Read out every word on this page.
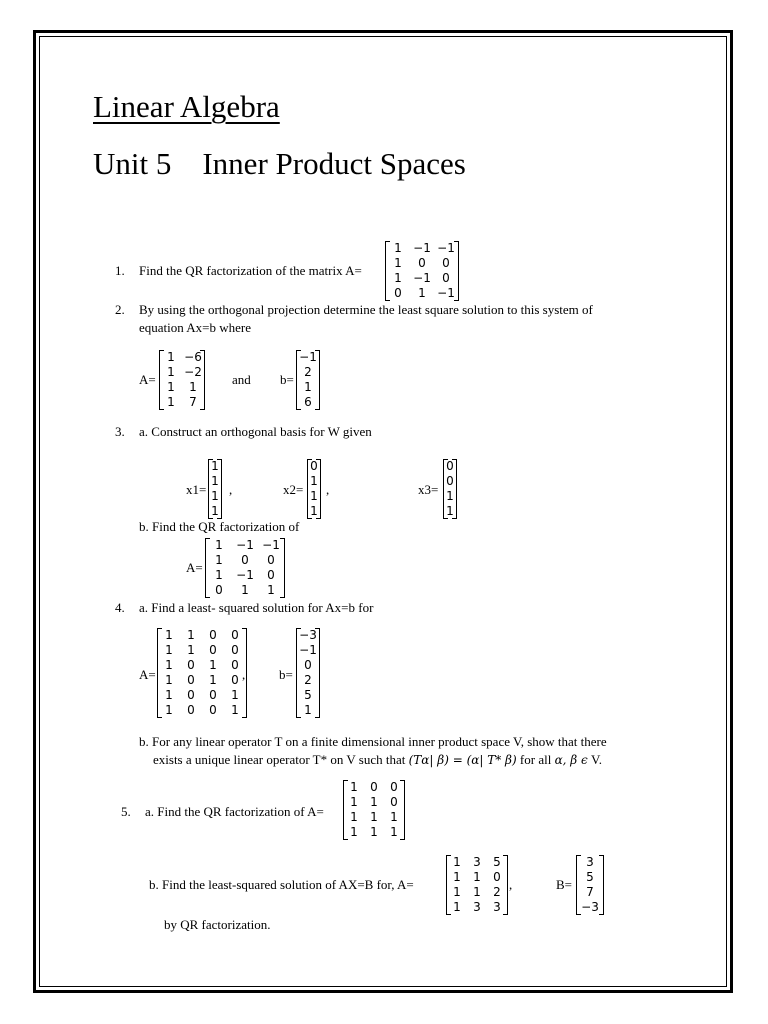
Linear Algebra
Unit 5    Inner Product Spaces
1. Find the QR factorization of the matrix A=
1 −1 −1
1	0	0
1 −1 0
0	1 −1
2. By using the orthogonal projection determine the least square solution to this system of
equation Ax=b where
A=
1 −6
1 −2
1	1
1	7
and b=
−1
2
1
6
3. a. Construct an orthogonal basis for W given
x1=
1
1
1
1
,	x2=
0
1
1
1
,	x3=
0
0
1
1
b. Find the QR factorization of
A=
1	−1 −1
1	0	0
1	−1	0
0	1	1
4. a. Find a least- squared solution for Ax=b for
A=
1	1	0	0
1	1	0	0
1	0	1	0
1	0	1	0
1	0	0	1
1	0	0	1
,	b=
−3
−1
0
2
5
1
b. For any linear operator T on a finite dimensional inner product space V, show that there
exists a unique linear operator T* on V such that (Tα| β) = (α| T* β) for all α, β ϵ V.
5. a. Find the QR factorization of A=
1	0	0
1	1	0
1	1	1
1	1	1
b. Find the least-squared solution of AX=B for, A=
1	3	5
1	1	0
1	1	2
1	3	3
,	B=
3
5
7
−3
by QR factorization.
